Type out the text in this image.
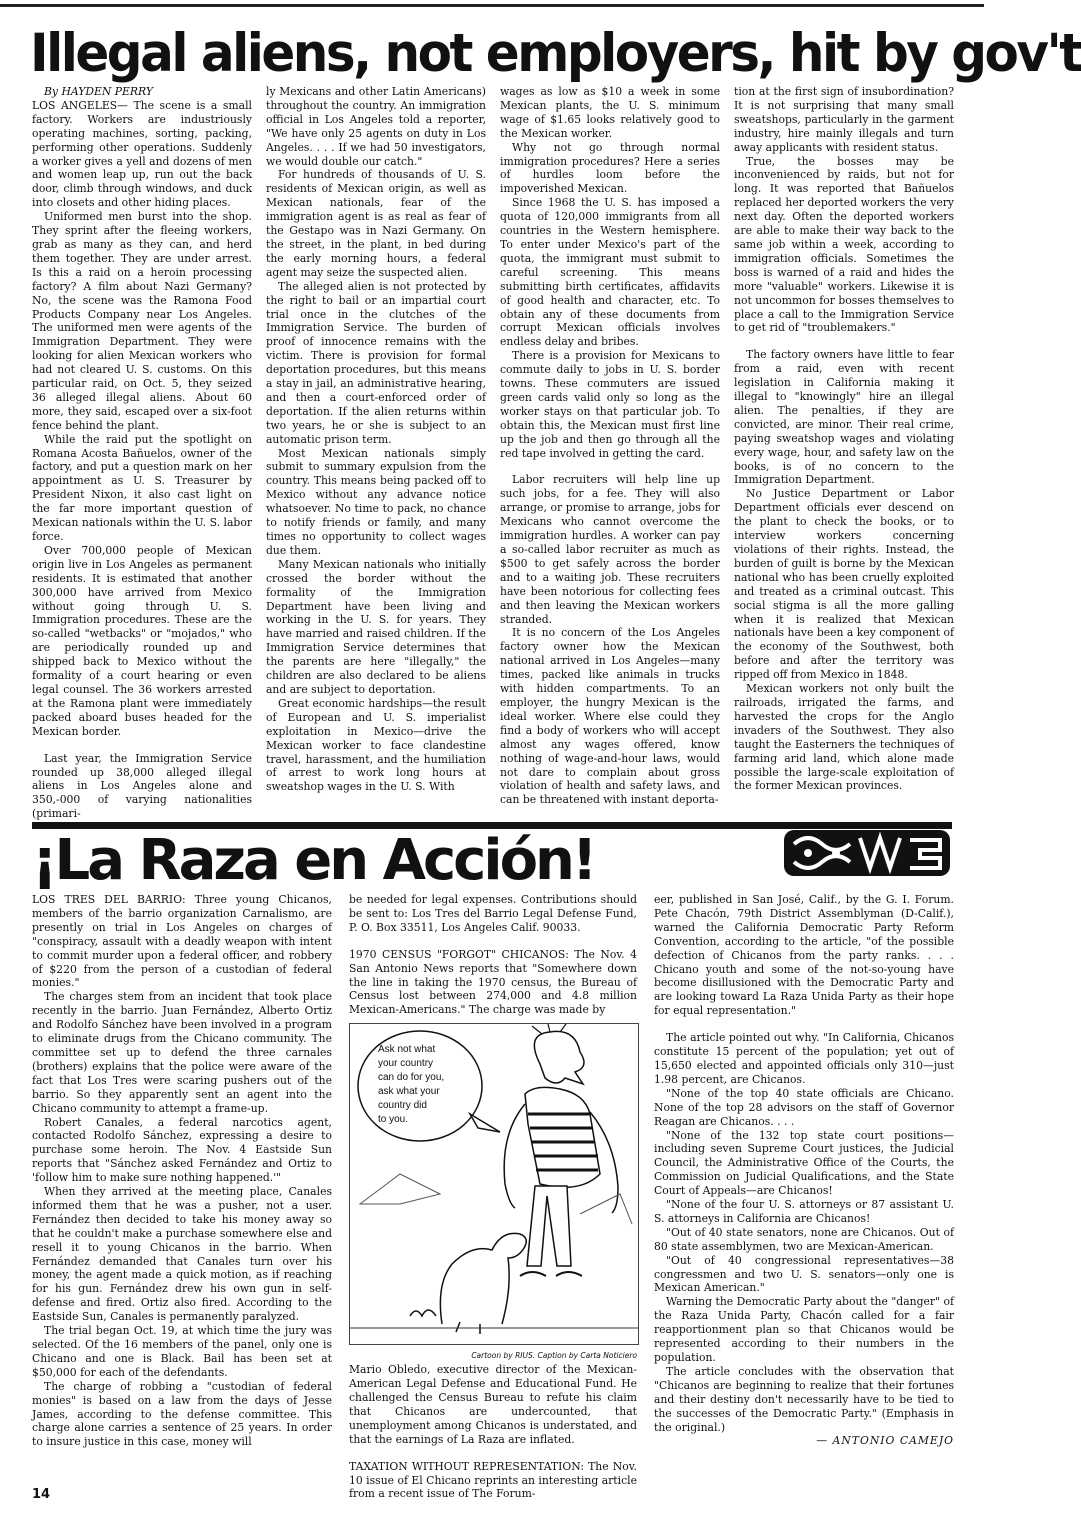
Illegal aliens, not employers, hit by gov't

By HAYDEN PERRY

LOS ANGELES— The scene is a small factory. Workers are industriously operating machines, sorting, packing, performing other operations. Suddenly a worker gives a yell and dozens of men and women leap up, run out the back door, climb through windows, and duck into closets and other hiding places.

Uniformed men burst into the shop. They sprint after the fleeing workers, grab as many as they can, and herd them together. They are under arrest. Is this a raid on a heroin processing factory? A film about Nazi Germany? No, the scene was the Ramona Food Products Company near Los Angeles. The uniformed men were agents of the Immigration Department. They were looking for alien Mexican workers who had not cleared U. S. customs. On this particular raid, on Oct. 5, they seized 36 alleged illegal aliens. About 60 more, they said, escaped over a six-foot fence behind the plant.

While the raid put the spotlight on Romana Acosta Bañuelos, owner of the factory, and put a question mark on her appointment as U. S. Treasurer by President Nixon, it also cast light on the far more important question of Mexican nationals within the U. S. labor force.

Over 700,000 people of Mexican origin live in Los Angeles as permanent residents. It is estimated that another 300,000 have arrived from Mexico without going through U. S. Immigration procedures. These are the so-called "wetbacks" or "mojados," who are periodically rounded up and shipped back to Mexico without the formality of a court hearing or even legal counsel. The 36 workers arrested at the Ramona plant were immediately packed aboard buses headed for the Mexican border.

Last year, the Immigration Service rounded up 38,000 alleged illegal aliens in Los Angeles alone and 350,-000 of varying nationalities (primari-

ly Mexicans and other Latin Americans) throughout the country. An immigration official in Los Angeles told a reporter, "We have only 25 agents on duty in Los Angeles. . . . If we had 50 investigators, we would double our catch."

For hundreds of thousands of U. S. residents of Mexican origin, as well as Mexican nationals, fear of the immigration agent is as real as fear of the Gestapo was in Nazi Germany. On the street, in the plant, in bed during the early morning hours, a federal agent may seize the suspected alien.

The alleged alien is not protected by the right to bail or an impartial court trial once in the clutches of the Immigration Service. The burden of proof of innocence remains with the victim. There is provision for formal deportation procedures, but this means a stay in jail, an administrative hearing, and then a court-enforced order of deportation. If the alien returns within two years, he or she is subject to an automatic prison term.

Most Mexican nationals simply submit to summary expulsion from the country. This means being packed off to Mexico without any advance notice whatsoever. No time to pack, no chance to notify friends or family, and many times no opportunity to collect wages due them.

Many Mexican nationals who initially crossed the border without the formality of the Immigration Department have been living and working in the U. S. for years. They have married and raised children. If the Immigration Service determines that the parents are here "illegally," the children are also declared to be aliens and are subject to deportation.

Great economic hardships—the result of European and U. S. imperialist exploitation in Mexico—drive the Mexican worker to face clandestine travel, harassment, and the humiliation of arrest to work long hours at sweatshop wages in the U. S. With

wages as low as $10 a week in some Mexican plants, the U. S. minimum wage of $1.65 looks relatively good to the Mexican worker.

Why not go through normal immigration procedures? Here a series of hurdles loom before the impoverished Mexican.

Since 1968 the U. S. has imposed a quota of 120,000 immigrants from all countries in the Western hemisphere. To enter under Mexico's part of the quota, the immigrant must submit to careful screening. This means submitting birth certificates, affidavits of good health and character, etc. To obtain any of these documents from corrupt Mexican officials involves endless delay and bribes.

There is a provision for Mexicans to commute daily to jobs in U. S. border towns. These commuters are issued green cards valid only so long as the worker stays on that particular job. To obtain this, the Mexican must first line up the job and then go through all the red tape involved in getting the card.

Labor recruiters will help line up such jobs, for a fee. They will also arrange, or promise to arrange, jobs for Mexicans who cannot overcome the immigration hurdles. A worker can pay a so-called labor recruiter as much as $500 to get safely across the border and to a waiting job. These recruiters have been notorious for collecting fees and then leaving the Mexican workers stranded.

It is no concern of the Los Angeles factory owner how the Mexican national arrived in Los Angeles—many times, packed like animals in trucks with hidden compartments. To an employer, the hungry Mexican is the ideal worker. Where else could they find a body of workers who will accept almost any wages offered, know nothing of wage-and-hour laws, would not dare to complain about gross violation of health and safety laws, and can be threatened with instant deporta-

tion at the first sign of insubordination? It is not surprising that many small sweatshops, particularly in the garment industry, hire mainly illegals and turn away applicants with resident status.

True, the bosses may be inconvenienced by raids, but not for long. It was reported that Bañuelos replaced her deported workers the very next day. Often the deported workers are able to make their way back to the same job within a week, according to immigration officials. Sometimes the boss is warned of a raid and hides the more "valuable" workers. Likewise it is not uncommon for bosses themselves to place a call to the Immigration Service to get rid of "troublemakers."

The factory owners have little to fear from a raid, even with recent legislation in California making it illegal to "knowingly" hire an illegal alien. The penalties, if they are convicted, are minor. Their real crime, paying sweatshop wages and violating every wage, hour, and safety law on the books, is of no concern to the Immigration Department.

No Justice Department or Labor Department officials ever descend on the plant to check the books, or to interview workers concerning violations of their rights. Instead, the burden of guilt is borne by the Mexican national who has been cruelly exploited and treated as a criminal outcast. This social stigma is all the more galling when it is realized that Mexican nationals have been a key component of the economy of the Southwest, both before and after the territory was ripped off from Mexico in 1848.

Mexican workers not only built the railroads, irrigated the farms, and harvested the crops for the Anglo invaders of the Southwest. They also taught the Easterners the techniques of farming arid land, which alone made possible the large-scale exploitation of the former Mexican provinces.

¡La Raza en Acción!

LOS TRES DEL BARRIO: Three young Chicanos, members of the barrio organization Carnalismo, are presently on trial in Los Angeles on charges of "conspiracy, assault with a deadly weapon with intent to commit murder upon a federal officer, and robbery of $220 from the person of a custodian of federal monies."

The charges stem from an incident that took place recently in the barrio. Juan Fernández, Alberto Ortiz and Rodolfo Sánchez have been involved in a program to eliminate drugs from the Chicano community. The committee set up to defend the three carnales (brothers) explains that the police were aware of the fact that Los Tres were scaring pushers out of the barrio. So they apparently sent an agent into the Chicano community to attempt a frame-up.

Robert Canales, a federal narcotics agent, contacted Rodolfo Sánchez, expressing a desire to purchase some heroin. The Nov. 4 Eastside Sun reports that "Sánchez asked Fernández and Ortiz to 'follow him to make sure nothing happened.'"

When they arrived at the meeting place, Canales informed them that he was a pusher, not a user. Fernández then decided to take his money away so that he couldn't make a purchase somewhere else and resell it to young Chicanos in the barrio. When Fernández demanded that Canales turn over his money, the agent made a quick motion, as if reaching for his gun. Fernández drew his own gun in self-defense and fired. Ortiz also fired. According to the Eastside Sun, Canales is permanently paralyzed.

The trial began Oct. 19, at which time the jury was selected. Of the 16 members of the panel, only one is Chicano and one is Black. Bail has been set at $50,000 for each of the defendants.

The charge of robbing a "custodian of federal monies" is based on a law from the days of Jesse James, according to the defense committee. This charge alone carries a sentence of 25 years. In order to insure justice in this case, money will

be needed for legal expenses. Contributions should be sent to: Los Tres del Barrio Legal Defense Fund, P. O. Box 33511, Los Angeles Calif. 90033.

1970 CENSUS "FORGOT" CHICANOS: The Nov. 4 San Antonio News reports that "Somewhere down the line in taking the 1970 census, the Bureau of Census lost between 274,000 and 4.8 million Mexican-Americans." The charge was made by

Ask not what
your country
can do for you,
ask what your
country did
to you.

Cartoon by RIUS. Caption by Carta Noticiero

Mario Obledo, executive director of the Mexican-American Legal Defense and Educational Fund. He challenged the Census Bureau to refute his claim that Chicanos are undercounted, that unemployment among Chicanos is understated, and that the earnings of La Raza are inflated.

TAXATION WITHOUT REPRESENTATION: The Nov. 10 issue of El Chicano reprints an interesting article from a recent issue of The Forum-

eer, published in San José, Calif., by the G. I. Forum. Pete Chacón, 79th District Assemblyman (D-Calif.), warned the California Democratic Party Reform Convention, according to the article, "of the possible defection of Chicanos from the party ranks. . . . Chicano youth and some of the not-so-young have become disillusioned with the Democratic Party and are looking toward La Raza Unida Party as their hope for equal representation."

The article pointed out why. "In California, Chicanos constitute 15 percent of the population; yet out of 15,650 elected and appointed officials only 310—just 1.98 percent, are Chicanos.

"None of the top 40 state officials are Chicano. None of the top 28 advisors on the staff of Governor Reagan are Chicanos. . . .

"None of the 132 top state court positions—including seven Supreme Court justices, the Judicial Council, the Administrative Office of the Courts, the Commission on Judicial Qualifications, and the State Court of Appeals—are Chicanos!

"None of the four U. S. attorneys or 87 assistant U. S. attorneys in California are Chicanos!

"Out of 40 state senators, none are Chicanos. Out of 80 state assemblymen, two are Mexican-American.

"Out of 40 congressional representatives—38 congressmen and two U. S. senators—only one is Mexican American."

Warning the Democratic Party about the "danger" of the Raza Unida Party, Chacón called for a fair reapportionment plan so that Chicanos would be represented according to their numbers in the population.

The article concludes with the observation that "Chicanos are beginning to realize that their fortunes and their destiny don't necessarily have to be tied to the successes of the Democratic Party." (Emphasis in the original.)

— ANTONIO CAMEJO

14
